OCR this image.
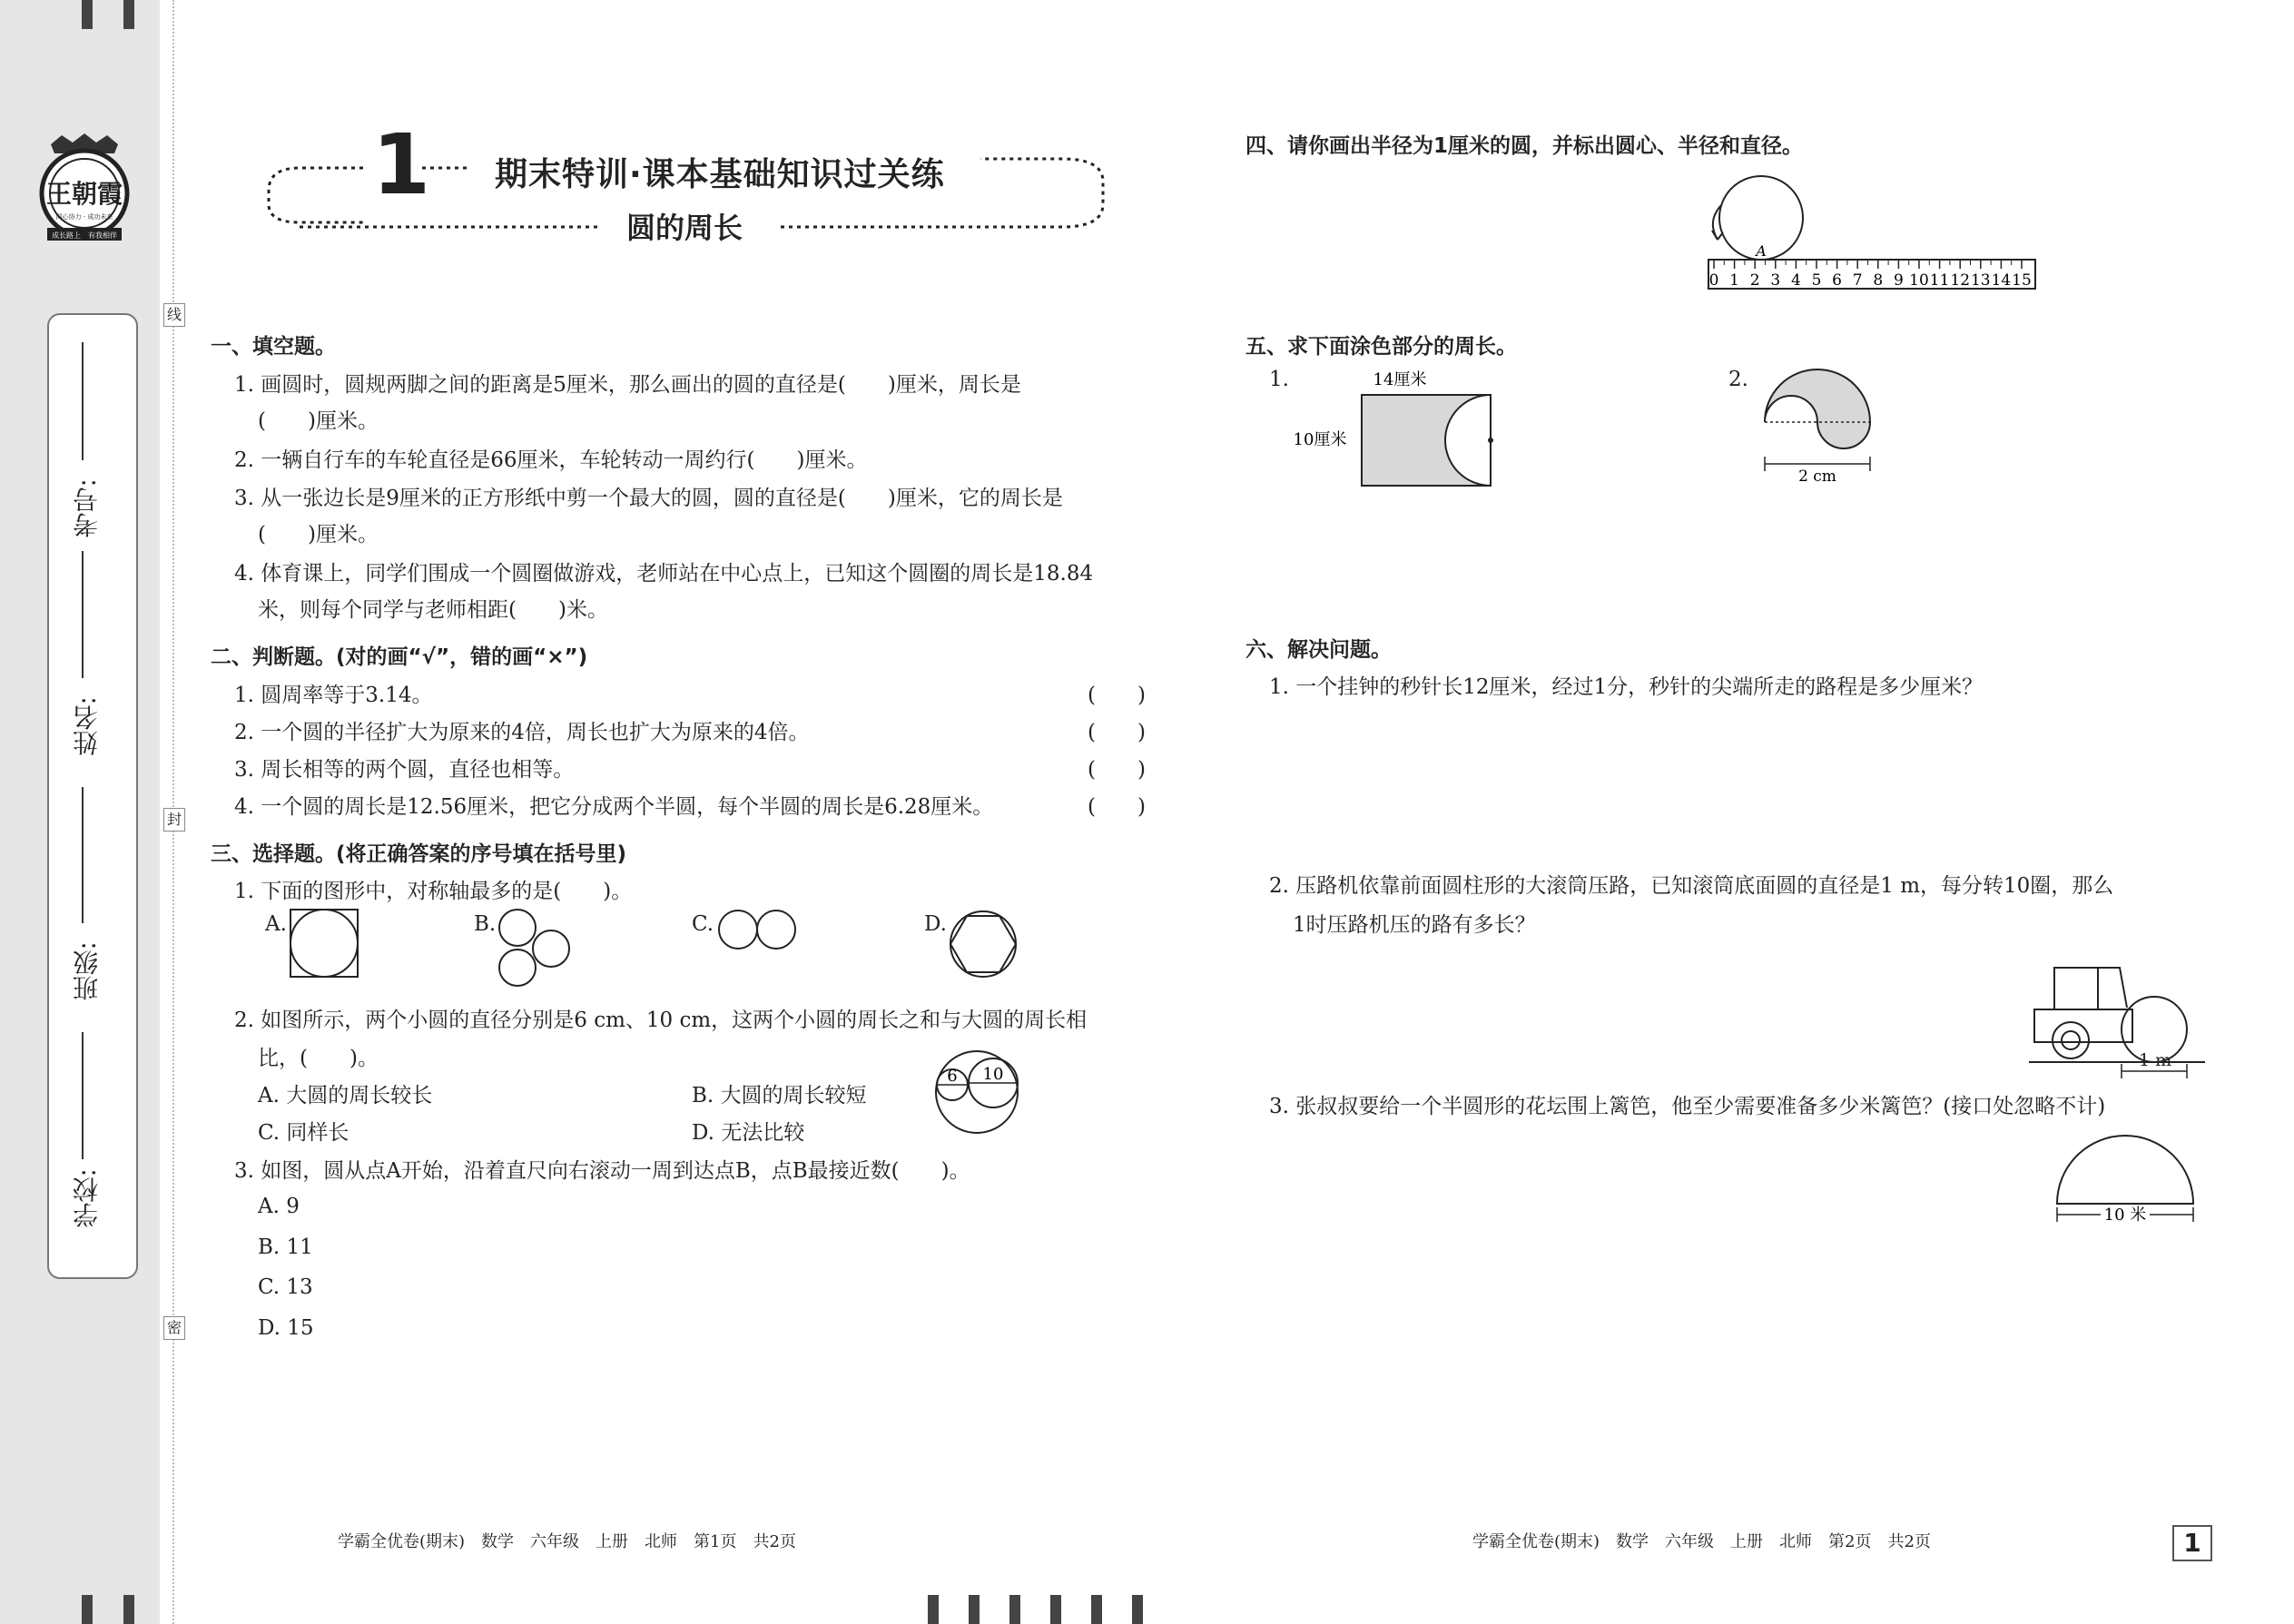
王朝霞
同心协力 · 成功未来
成长路上 有我相伴
考号:
姓名:
班级:
学校:
线
封
密
1 期末特训·课本基础知识过关练
圆的周长
一、填空题。
1. 画圆时，圆规两脚之间的距离是5厘米，那么画出的圆的直径是(　　)厘米，周长是
(　　)厘米。
2. 一辆自行车的车轮直径是66厘米，车轮转动一周约行(　　)厘米。
3. 从一张边长是9厘米的正方形纸中剪一个最大的圆，圆的直径是(　　)厘米，它的周长是
(　　)厘米。
4. 体育课上，同学们围成一个圆圈做游戏，老师站在中心点上，已知这个圆圈的周长是18.84
米，则每个同学与老师相距(　　)米。
二、判断题。(对的画“√”，错的画“×”)
1. 圆周率等于3.14。	(　　)
2. 一个圆的半径扩大为原来的4倍，周长也扩大为原来的4倍。	(　　)
3. 周长相等的两个圆，直径也相等。	(　　)
4. 一个圆的周长是12.56厘米，把它分成两个半圆，每个半圆的周长是6.28厘米。	(　　)
三、选择题。(将正确答案的序号填在括号里)
1. 下面的图形中，对称轴最多的是(　　)。
A.	B.	C.	D.
2. 如图所示，两个小圆的直径分别是6 cm、10 cm，这两个小圆的周长之和与大圆的周长相
比，(　　)。
A. 大圆的周长较长	B. 大圆的周长较短
C. 同样长	D. 无法比较
6 10
3. 如图，圆从点A开始，沿着直尺向右滚动一周到达点B，点B最接近数(　　)。
A. 9
B. 11
C. 13
D. 15
四、请你画出半径为1厘米的圆，并标出圆心、半径和直径。
A
0 1 2 3 4 5 6 7 8 9 10 11 12 13 14 15
五、求下面涂色部分的周长。
1.	14厘米
10厘米
2.
2 cm
六、解决问题。
1. 一个挂钟的秒针长12厘米，经过1分，秒针的尖端所走的路程是多少厘米？
2. 压路机依靠前面圆柱形的大滚筒压路，已知滚筒底面圆的直径是1 m，每分转10圈，那么
1时压路机压的路有多长？
1 m
3. 张叔叔要给一个半圆形的花坛围上篱笆，他至少需要准备多少米篱笆？(接口处忽略不计)
10 米
学霸全优卷(期末)　数学　六年级　上册　北师　第1页　共2页	学霸全优卷(期末)　数学　六年级　上册　北师　第2页　共2页	1
